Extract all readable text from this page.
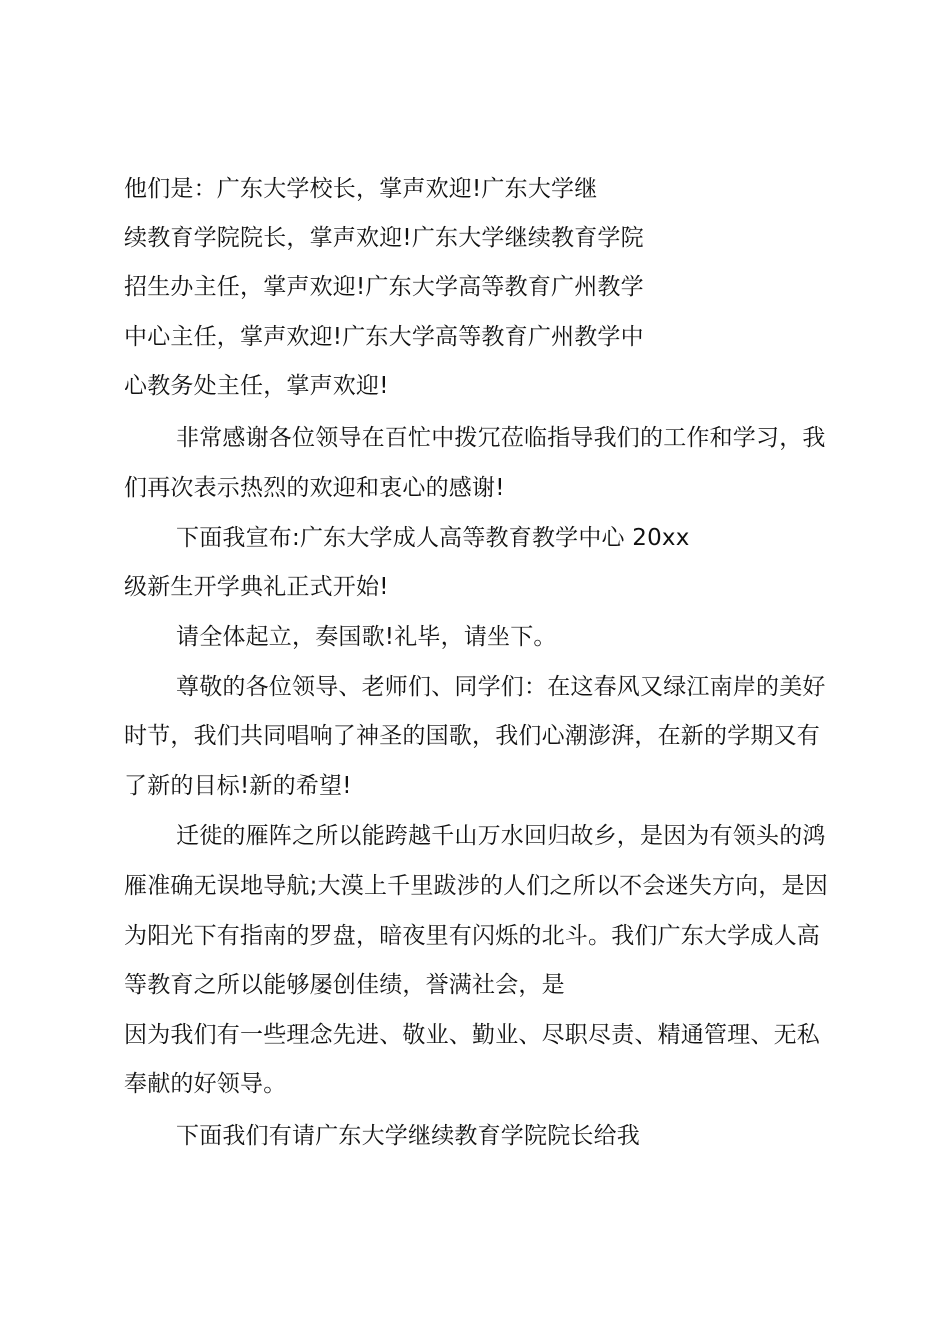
他们是：广东大学校长，掌声欢迎!广东大学继
续教育学院院长，掌声欢迎!广东大学继续教育学院
招生办主任，掌声欢迎!广东大学高等教育广州教学
中心主任，掌声欢迎!广东大学高等教育广州教学中
心教务处主任，掌声欢迎!
非常感谢各位领导在百忙中拨冗莅临指导我们的工作和学习，我
们再次表示热烈的欢迎和衷心的感谢!
下面我宣布:广东大学成人高等教育教学中心 20xx
级新生开学典礼正式开始!
请全体起立，奏国歌!礼毕，请坐下。
尊敬的各位领导、老师们、同学们：在这春风又绿江南岸的美好
时节，我们共同唱响了神圣的国歌，我们心潮澎湃，在新的学期又有
了新的目标!新的希望!
迁徙的雁阵之所以能跨越千山万水回归故乡，是因为有领头的鸿
雁准确无误地导航;大漠上千里跋涉的人们之所以不会迷失方向，是因
为阳光下有指南的罗盘，暗夜里有闪烁的北斗。我们广东大学成人高
等教育之所以能够屡创佳绩，誉满社会，是
因为我们有一些理念先进、敬业、勤业、尽职尽责、精通管理、无私
奉献的好领导。
下面我们有请广东大学继续教育学院院长给我
